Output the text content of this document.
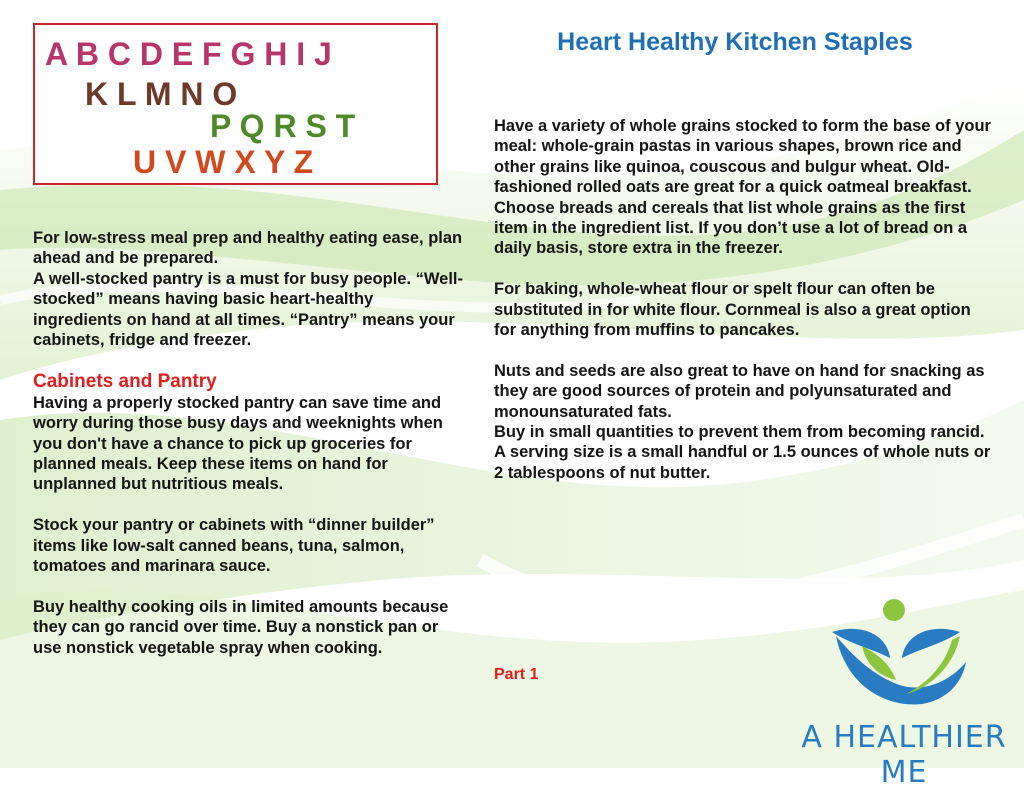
A B C D E F G H I J
K L M N O
P Q R S T
U V W X Y Z
Heart Healthy Kitchen Staples

For low-stress meal prep and healthy eating ease, plan ahead and be prepared.

A well-stocked pantry is a must for busy people. “Well-stocked” means having basic heart-healthy ingredients on hand at all times. “Pantry” means your cabinets, fridge and freezer.

Cabinets and Pantry

Having a properly stocked pantry can save time and worry during those busy days and weeknights when you don't have a chance to pick up groceries for planned meals. Keep these items on hand for unplanned but nutritious meals.

Stock your pantry or cabinets with “dinner builder” items like low-salt canned beans, tuna, salmon, tomatoes and marinara sauce.

Buy healthy cooking oils in limited amounts because they can go rancid over time. Buy a nonstick pan or use nonstick vegetable spray when cooking.

Have a variety of whole grains stocked to form the base of your meal: whole-grain pastas in various shapes, brown rice and other grains like quinoa, couscous and bulgur wheat. Old-fashioned rolled oats are great for a quick oatmeal breakfast.

Choose breads and cereals that list whole grains as the first item in the ingredient list. If you don’t use a lot of bread on a daily basis, store extra in the freezer.

For baking, whole-wheat flour or spelt flour can often be substituted in for white flour. Cornmeal is also a great option for anything from muffins to pancakes.

Nuts and seeds are also great to have on hand for snacking as they are good sources of protein and polyunsaturated and monounsaturated fats.

Buy in small quantities to prevent them from becoming rancid. A serving size is a small handful or 1.5 ounces of whole nuts or 2 tablespoons of nut butter.

Part 1
A HEALTHIER ME
